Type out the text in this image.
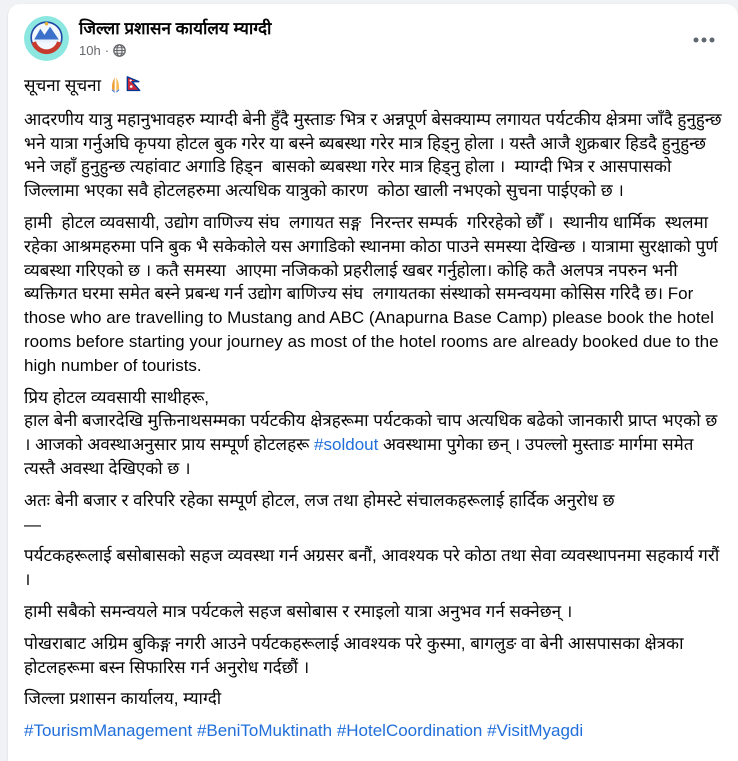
जिल्ला प्रशासन कार्यालय म्याग्दी
10h ·

सूचना सूचना

आदरणीय यात्रु महानुभावहरु म्याग्दी बेनी हुँदै मुस्ताङ भित्र र अन्नपूर्ण बेसक्याम्प लगायत पर्यटकीय क्षेत्रमा जाँदै हुनुहुन्छ भने यात्रा गर्नुअघि कृपया होटल बुक गरेर या बस्ने ब्यबस्था गरेर मात्र हिड्नु होला । यस्तै आजै शुक्रबार हिडदै हुनुहुन्छ भने जहाँ हुनुहुन्छ त्यहांवाट अगाडि हिड्न  बासको ब्यबस्था गरेर मात्र हिड्नु होला ।  म्याग्दी भित्र र आसपासको जिल्लामा भएका सवै होटलहरुमा अत्यधिक यात्रुको कारण  कोठा खाली नभएको सुचना पाईएको छ ।

हामी  होटल व्यवसायी, उद्योग वाणिज्य संघ  लगायत सङ्ग  निरन्तर सम्पर्क  गरिरहेको छौँ ।  स्थानीय धार्मिक  स्थलमा रहेका आश्रमहरुमा पनि बुक भै सकेकोले यस अगाडिको स्थानमा कोठा पाउने समस्या देखिन्छ । यात्रामा सुरक्षाको पुर्ण व्यबस्था गरिएको छ । कतै समस्या  आएमा नजिकको प्रहरीलाई खबर गर्नुहोला। कोहि कतै अलपत्र नपरुन भनी  ब्यक्तिगत घरमा समेत बस्ने प्रबन्ध गर्न उद्योग बाणिज्य संघ  लगायतका संस्थाको समन्वयमा कोसिस गरिदै छ। For those who are travelling to Mustang and ABC (Anapurna Base Camp) please book the hotel rooms before starting your journey as most of the hotel rooms are already booked due to the high number of tourists.

प्रिय होटल व्यवसायी साथीहरू,
हाल बेनी बजारदेखि मुक्तिनाथसम्मका पर्यटकीय क्षेत्रहरूमा पर्यटकको चाप अत्यधिक बढेको जानकारी प्राप्त भएको छ । आजको अवस्थाअनुसार प्राय सम्पूर्ण होटलहरू #soldout अवस्थामा पुगेका छन् । उपल्लो मुस्ताङ मार्गमा समेत त्यस्तै अवस्था देखिएको छ ।

अतः बेनी बजार र वरिपरि रहेका सम्पूर्ण होटल, लज तथा होमस्टे संचालकहरूलाई हार्दिक अनुरोध छ
—

पर्यटकहरूलाई बसोबासको सहज व्यवस्था गर्न अग्रसर बनौं, आवश्यक परे कोठा तथा सेवा व्यवस्थापनमा सहकार्य गरौं ।

हामी सबैको समन्वयले मात्र पर्यटकले सहज बसोबास र रमाइलो यात्रा अनुभव गर्न सक्नेछन् ।

पोखराबाट अग्रिम बुकिङ्ग नगरी आउने पर्यटकहरूलाई आवश्यक परे कुस्मा, बागलुङ वा बेनी आसपासका क्षेत्रका होटलहरूमा बस्न सिफारिस गर्न अनुरोध गर्दछौं ।

जिल्ला प्रशासन कार्यालय, म्याग्दी

#TourismManagement #BeniToMuktinath #HotelCoordination #VisitMyagdi
